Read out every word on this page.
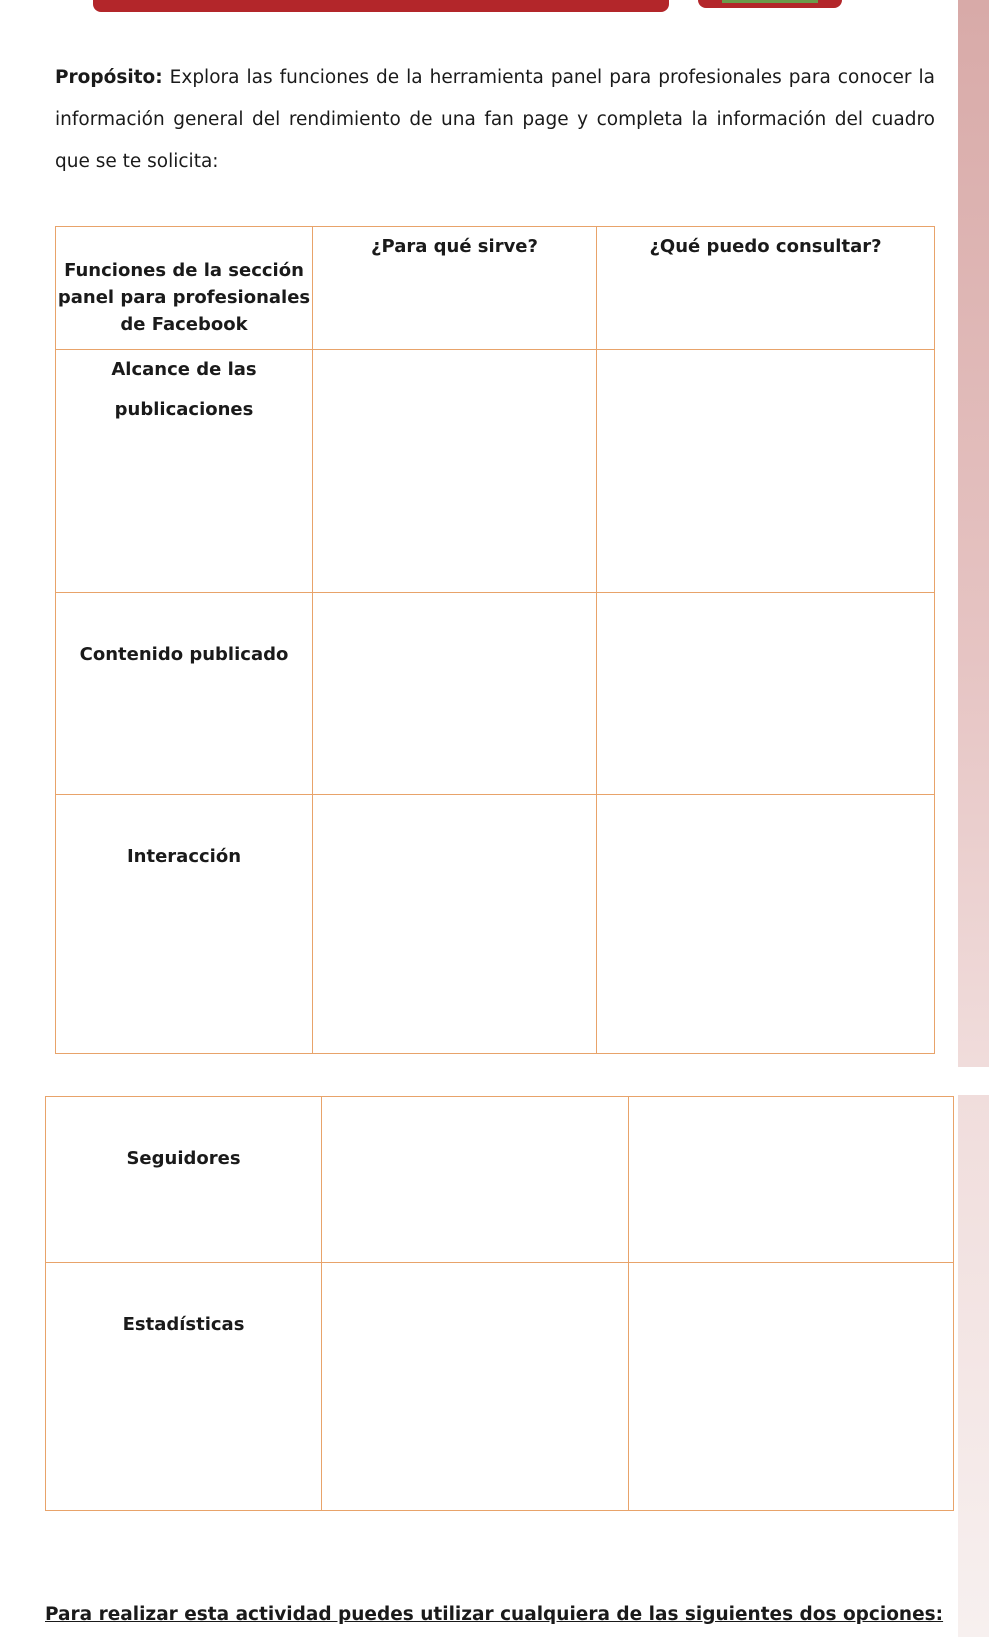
Propósito: Explora las funciones de la herramienta panel para profesionales para conocer la información general del rendimiento de una fan page y completa la información del cuadro que se te solicita:

Funciones de la sección panel para profesionales de Facebook	¿Para qué sirve?	¿Qué puedo consultar?
Alcance de las publicaciones		
Contenido publicado		
Interacción		
Seguidores		
Estadísticas		
Para realizar esta actividad puedes utilizar cualquiera de las siguientes dos opciones:
